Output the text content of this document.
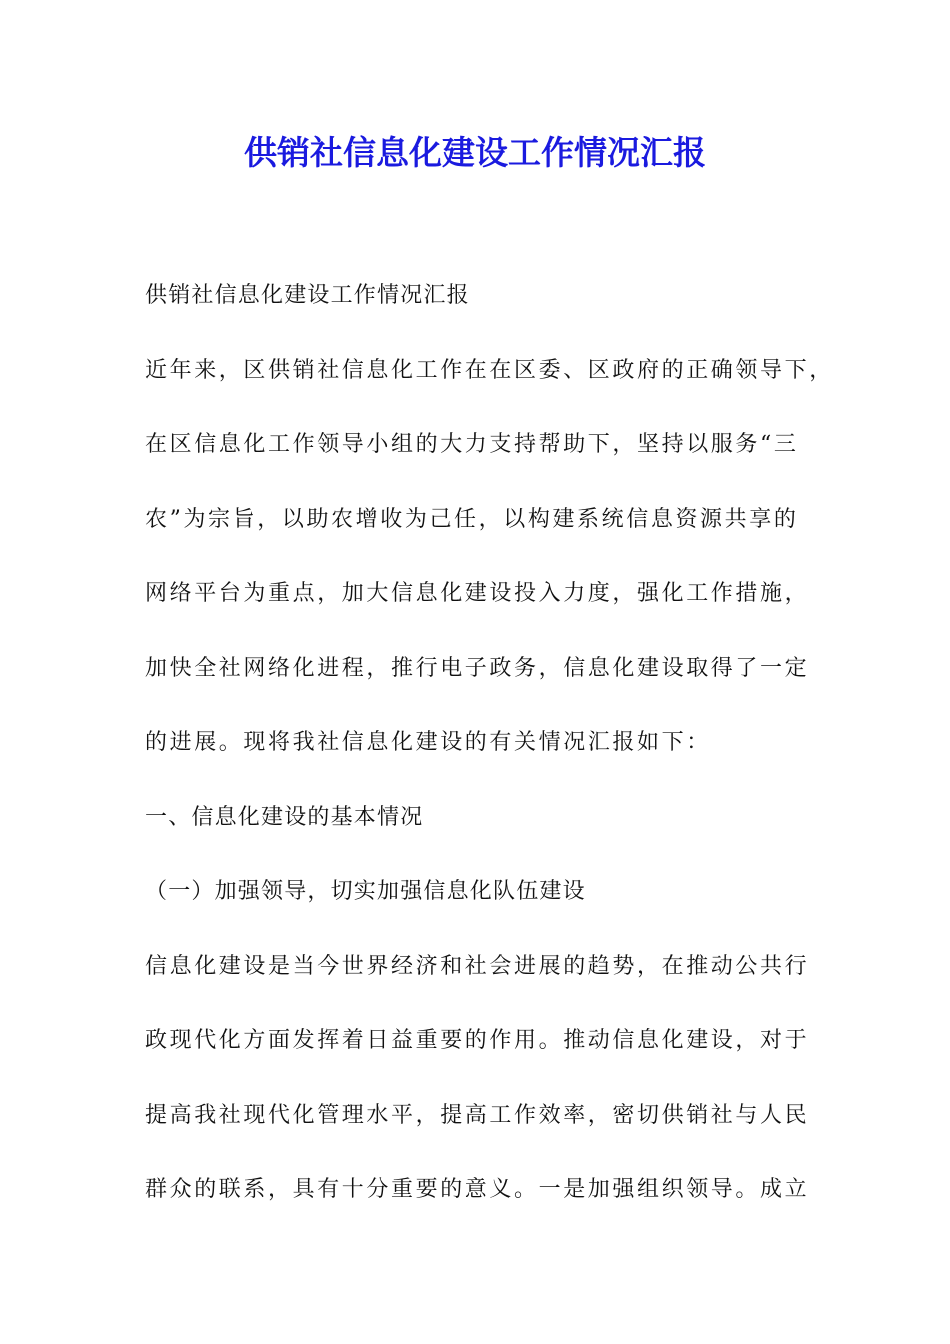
供销社信息化建设工作情况汇报

供销社信息化建设工作情况汇报

近年来，区供销社信息化工作在在区委、区政府的正确领导下，

在区信息化工作领导小组的大力支持帮助下，坚持以服务“三

农”为宗旨，以助农增收为己任，以构建系统信息资源共享的

网络平台为重点，加大信息化建设投入力度，强化工作措施，

加快全社网络化进程，推行电子政务，信息化建设取得了一定

的进展。现将我社信息化建设的有关情况汇报如下：

一、信息化建设的基本情况

（一）加强领导，切实加强信息化队伍建设

信息化建设是当今世界经济和社会进展的趋势，在推动公共行

政现代化方面发挥着日益重要的作用。推动信息化建设，对于

提高我社现代化管理水平，提高工作效率，密切供销社与人民

群众的联系，具有十分重要的意义。一是加强组织领导。成立
